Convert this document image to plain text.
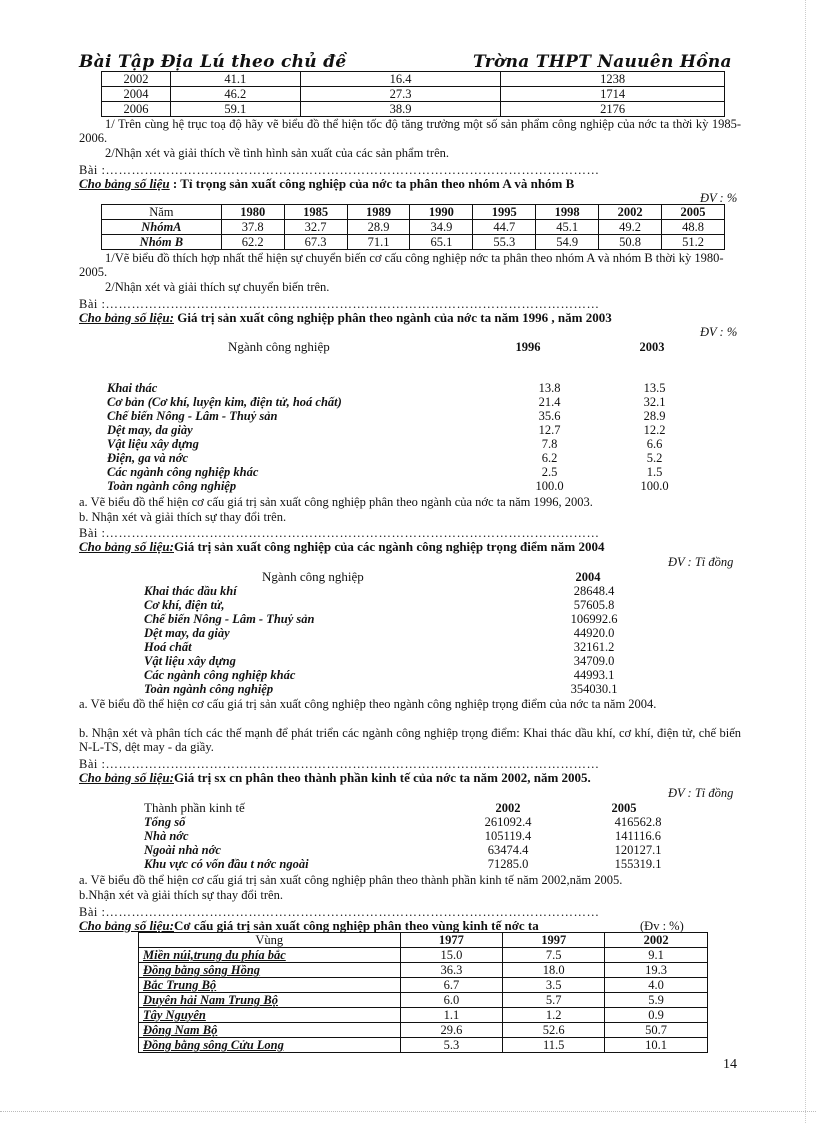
Bài Tập Địa Lú theo chủ đề	Trờna THPT Nauuên Hồna
2002	41.1	16.4	1238
2004	46.2	27.3	1714
2006	59.1	38.9	2176
1/ Trên cùng hệ trục toạ độ hãy vẽ biểu đồ thể hiện tốc độ tăng trưởng một số sản phẩm công nghiệp của nớc ta thời kỳ 1985-2006.
2/Nhận xét và giải thích về tình hình sản xuất của các sản phẩm trên.
Bài :……………………………………………………………………………………………………
Cho bảng số liệu : Tỉ trọng sản xuất công nghiệp của nớc ta phân theo nhóm A và nhóm B
ĐV : %
Năm	1980	1985	1989	1990	1995	1998	2002	2005
NhómA	37.8	32.7	28.9	34.9	44.7	45.1	49.2	48.8
Nhóm B	62.2	67.3	71.1	65.1	55.3	54.9	50.8	51.2
1/Vẽ biểu đồ thích hợp nhất thể hiện sự chuyển biến cơ cấu công nghiệp nớc ta phân theo nhóm A và nhóm B thời kỳ 1980-2005.
2/Nhận xét và giải thích sự chuyển biến trên.
Bài :……………………………………………………………………………………………………
Cho bảng số liệu: Giá trị sản xuất công nghiệp phân theo ngành của nớc ta năm 1996 , năm 2003
ĐV : %
Ngành công nghiệp	1996	2003
Khai thác	13.8	13.5
Cơ bản (Cơ khí, luyện kim, điện tử, hoá chất)	21.4	32.1
Chế biến Nông - Lâm - Thuỷ sản	35.6	28.9
Dệt may, da giày	12.7	12.2
Vật liệu xây dựng	7.8	6.6
Điện, ga và nớc	6.2	5.2
Các ngành công nghiệp khác	2.5	1.5
Toàn ngành công nghiệp	100.0	100.0
a. Vẽ biểu đồ thể hiện cơ cấu giá trị sản xuất công nghiệp phân theo ngành của nớc ta năm 1996, 2003.
b. Nhận xét và giải thích sự thay đổi trên.
Bài :……………………………………………………………………………………………………
Cho bảng số liệu:Giá trị sản xuất công nghiệp của các ngành công nghiệp trọng điểm năm 2004
ĐV : Tỉ đồng
Ngành công nghiệp	2004
Khai thác dầu khí	28648.4
Cơ khí, điện tử,	57605.8
Chế biến Nông - Lâm - Thuỷ sản	106992.6
Dệt may, da giày	44920.0
Hoá chất	32161.2
Vật liệu xây dựng	34709.0
Các ngành công nghiệp khác	44993.1
Toàn ngành công nghiệp	354030.1
a. Vẽ biểu đồ thể hiện cơ cấu giá trị sản xuất công nghiệp theo ngành công nghiệp trọng điểm của nớc ta năm 2004.
b. Nhận xét và phân tích các thế mạnh để phát triển các ngành công nghiệp trọng điểm: Khai thác dầu khí, cơ khí, điện tử, chế biến N-L-TS, dệt may - da giầy.
Bài :……………………………………………………………………………………………………
Cho bảng số liệu:Giá trị sx cn phân theo thành phần kinh tế của nớc ta năm 2002, năm 2005.
ĐV : Tỉ đồng
Thành phần kinh tế	2002	2005
Tổng số	261092.4	416562.8
Nhà nớc	105119.4	141116.6
Ngoài nhà nớc	63474.4	120127.1
Khu vực có vốn đầu t nớc ngoài	71285.0	155319.1
a. Vẽ biểu đồ thể hiện cơ cấu giá trị sản xuất công nghiệp phân theo thành phần kinh tế năm 2002,năm 2005.
b.Nhận xét và giải thích sự thay đổi trên.
Bài :……………………………………………………………………………………………………
Cho bảng số liệu:Cơ cấu giá trị sản xuất công nghiệp phân theo vùng kinh tế nớc ta	(Đv : %)
Vùng	1977	1997	2002
Miền núi,trung du phía bắc	15.0	7.5	9.1
Đồng bằng sông Hồng	36.3	18.0	19.3
Bắc Trung Bộ	6.7	3.5	4.0
Duyên hải Nam Trung Bộ	6.0	5.7	5.9
Tây Nguyên	1.1	1.2	0.9
Đông Nam Bộ	29.6	52.6	50.7
Đồng bằng sông Cửu Long	5.3	11.5	10.1
14
